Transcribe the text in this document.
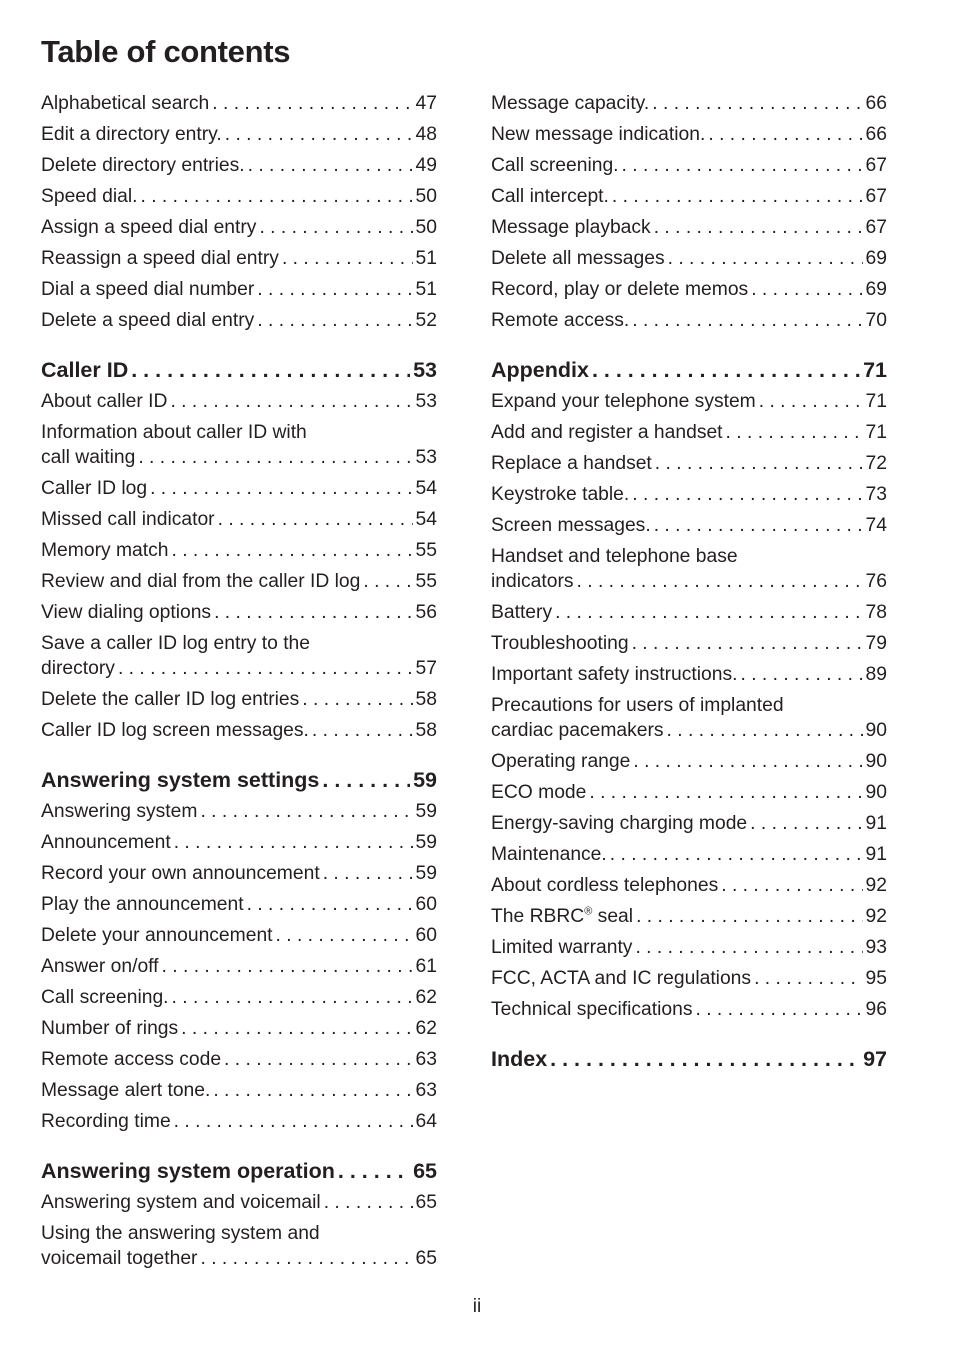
Table of contents
Alphabetical search . . .	47
Edit a directory entry. . . .	48
Delete directory entries. . . .	49
Speed dial. . . .	50
Assign a speed dial entry . . .	50
Reassign a speed dial entry . . .	51
Dial a speed dial number . . .	51
Delete a speed dial entry . . .	52
Caller ID . . .	53
About caller ID . . .	53
Information about caller ID with
call waiting . . .	53
Caller ID log . . .	54
Missed call indicator . . .	54
Memory match . . .	55
Review and dial from the caller ID log . . .	55
View dialing options . . .	56
Save a caller ID log entry to the
directory . . .	57
Delete the caller ID log entries . . .	58
Caller ID log screen messages. . . .	58
Answering system settings . . .	59
Answering system . . .	59
Announcement . . .	59
Record your own announcement . . .	59
Play the announcement . . .	60
Delete your announcement . . .	60
Answer on/off . . .	61
Call screening. . . .	62
Number of rings . . .	62
Remote access code . . .	63
Message alert tone. . . .	63
Recording time . . .	64
Answering system operation . . .	65
Answering system and voicemail . . .	65
Using the answering system and
voicemail together . . .	65
Message capacity. . . .	66
New message indication. . . .	66
Call screening. . . .	67
Call intercept. . . .	67
Message playback . . .	67
Delete all messages . . .	69
Record, play or delete memos . . .	69
Remote access. . . .	70
Appendix . . .	71
Expand your telephone system . . .	71
Add and register a handset . . .	71
Replace a handset . . .	72
Keystroke table. . . .	73
Screen messages. . . .	74
Handset and telephone base
indicators . . .	76
Battery . . .	78
Troubleshooting . . .	79
Important safety instructions. . . .	89
Precautions for users of implanted
cardiac pacemakers . . .	90
Operating range . . .	90
ECO mode . . .	90
Energy-saving charging mode . . .	91
Maintenance. . . .	91
About cordless telephones . . .	92
The RBRC® seal . . .	92
Limited warranty . . .	93
FCC, ACTA and IC regulations . . .	95
Technical specifications . . .	96
Index . . .	97
ii
